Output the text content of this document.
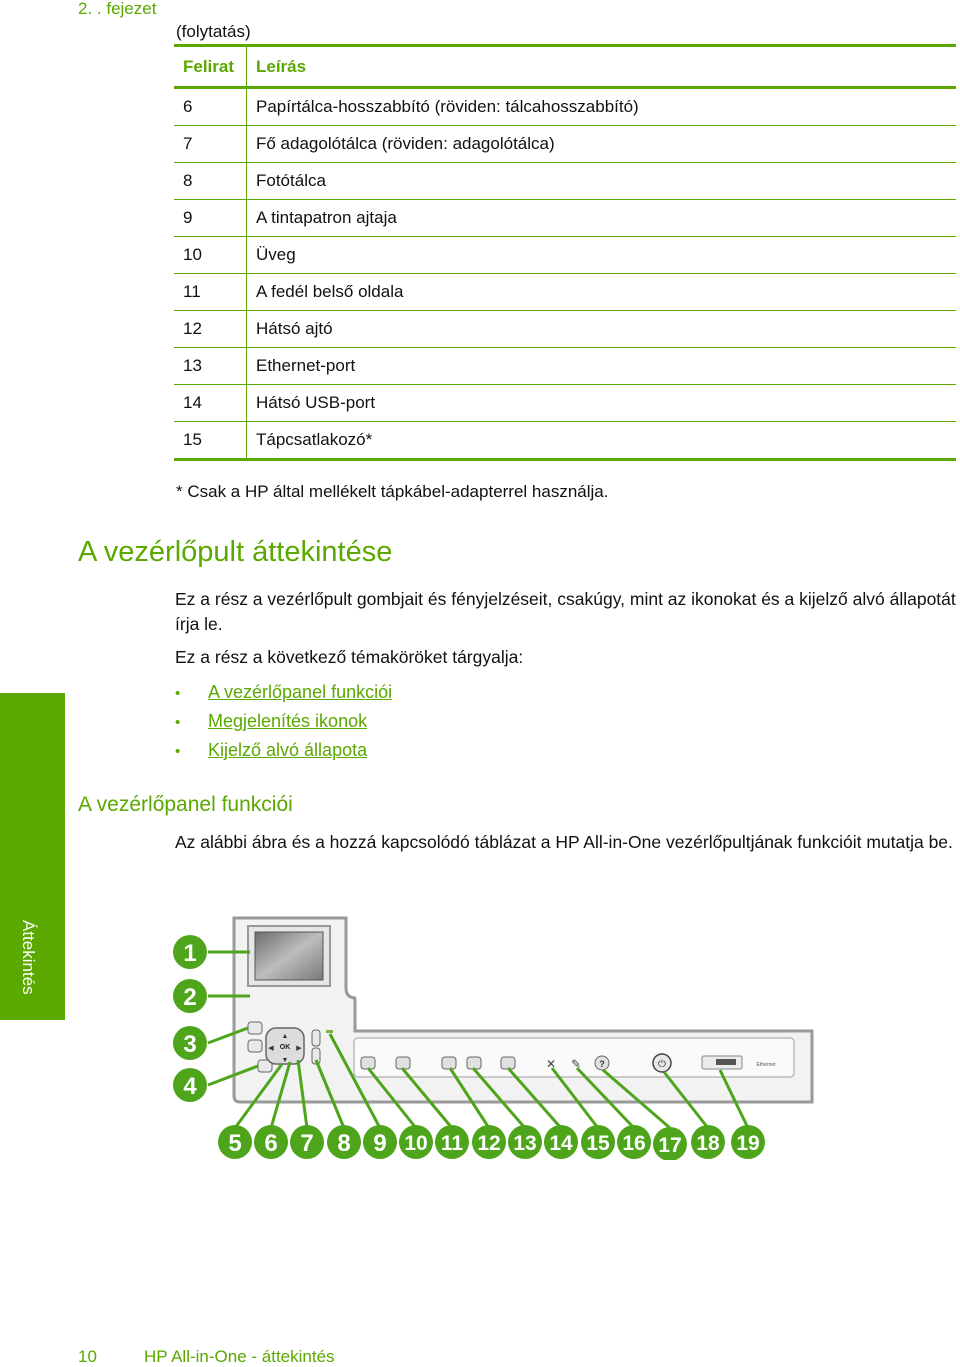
2. . fejezet
(folytatás)
Felirat	Leírás
6	Papírtálca-hosszabbító (röviden: tálcahosszabbító)
7	Fő adagolótálca (röviden: adagolótálca)
8	Fotótálca
9	A tintapatron ajtaja
10	Üveg
11	A fedél belső oldala
12	Hátsó ajtó
13	Ethernet-port
14	Hátsó USB-port
15	Tápcsatlakozó*
* Csak a HP által mellékelt tápkábel-adapterrel használja.
A vezérlőpult áttekintése

Ez a rész a vezérlőpult gombjait és fényjelzéseit, csakúgy, mint az ikonokat és a kijelző alvó állapotát írja le.

Ez a rész a következő témaköröket tárgyalja:

• A vezérlőpanel funkciói
• Megjelenítés ikonok
• Kijelző alvó állapota
A vezérlőpanel funkciói

Az alábbi ábra és a hozzá kapcsolódó táblázat a HP All-in-One vezérlőpultjának funkcióit mutatja be.

Áttekintés
▲
▼
◀	▶
OK
✕ ✎ ?	⏻	Ethernet
1
2
3
4
5 6 7 8 9 10 11 12 13 14 15 16 17 18 19
10	HP All-in-One - áttekintés
